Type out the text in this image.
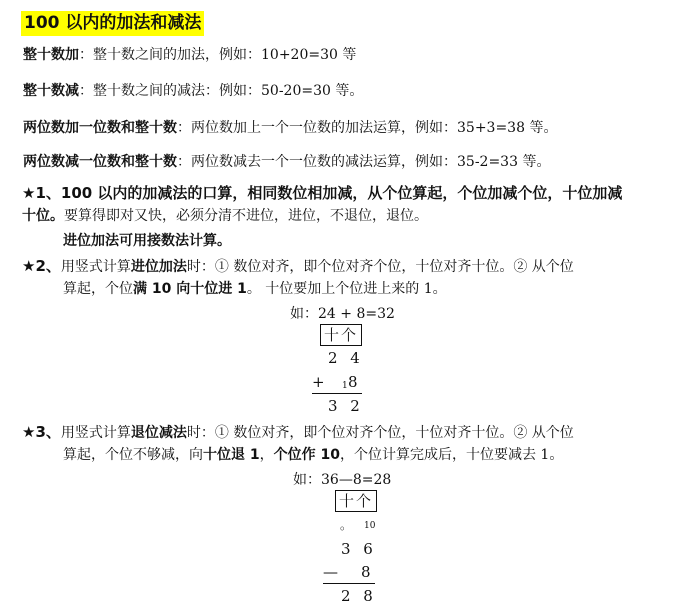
100 以内的加法和减法
整十数加：整十数之间的加法，例如：10+20=30 等
整十数减：整十数之间的减法：例如：50-20=30 等。
两位数加一位数和整十数：两位数加上一个一位数的加法运算，例如：35+3=38 等。
两位数减一位数和整十数：两位数减去一个一位数的减法运算，例如：35-2=33 等。
★1、100 以内的加减法的口算，相同数位相加减，从个位算起，个位加减个位，十位加减
十位。要算得即对又快，必须分清不进位，进位，不退位，退位。
进位加法可用接数法计算。
★2、用竖式计算进位加法时：① 数位对齐，即个位对齐个位，十位对齐十位。② 从个位
算起，个位满 10 向十位进 1。 十位要加上个位进上来的 1。
如：24 + 8=32
十个
2 4
+ 1 8
3 2
★3、用竖式计算退位减法时：① 数位对齐，即个位对齐个位，十位对齐十位。② 从个位
算起，个位不够减，向十位退 1，个位作 10，个位计算完成后，十位要减去 1。
如：36—8=28
十个
。 10
3 6
— 8
2 8
